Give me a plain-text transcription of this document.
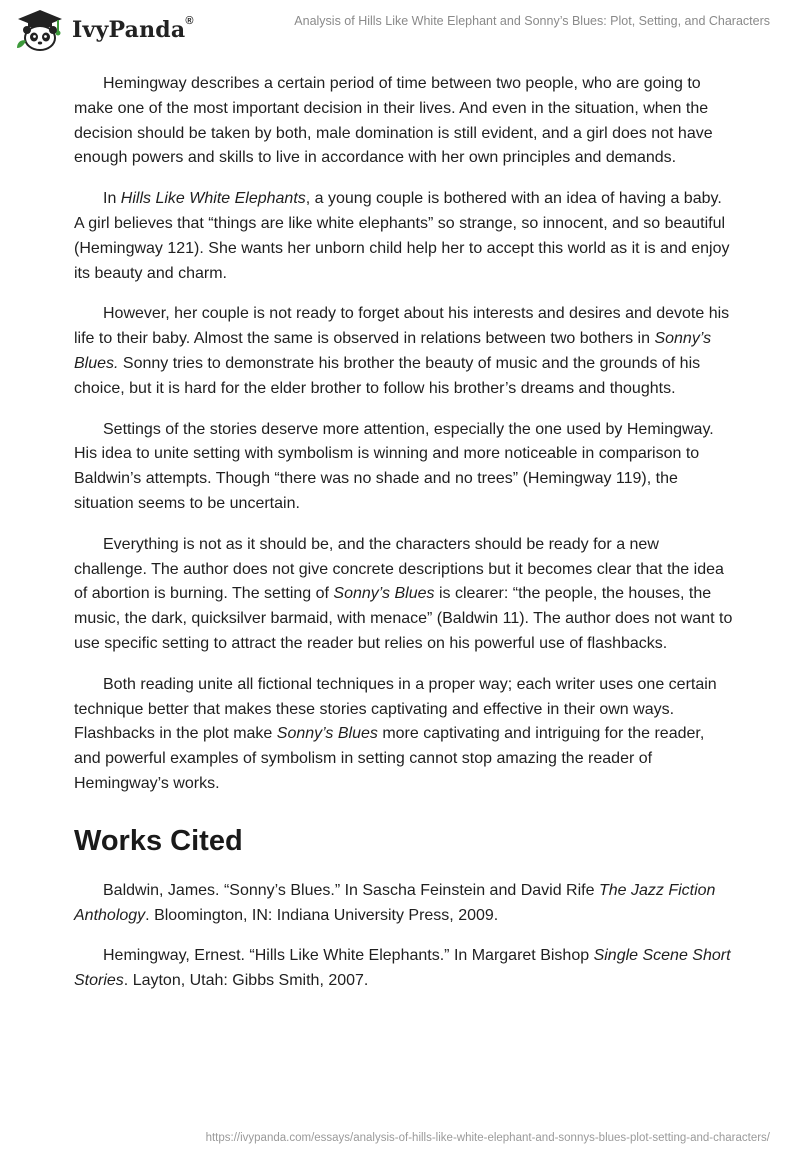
IvyPanda®	Analysis of Hills Like White Elephant and Sonny’s Blues: Plot, Setting, and Characters

Hemingway describes a certain period of time between two people, who are going to make one of the most important decision in their lives. And even in the situation, when the decision should be taken by both, male domination is still evident, and a girl does not have enough powers and skills to live in accordance with her own principles and demands.

In Hills Like White Elephants, a young couple is bothered with an idea of having a baby. A girl believes that “things are like white elephants” so strange, so innocent, and so beautiful (Hemingway 121). She wants her unborn child help her to accept this world as it is and enjoy its beauty and charm.

However, her couple is not ready to forget about his interests and desires and devote his life to their baby. Almost the same is observed in relations between two bothers in Sonny’s Blues. Sonny tries to demonstrate his brother the beauty of music and the grounds of his choice, but it is hard for the elder brother to follow his brother’s dreams and thoughts.

Settings of the stories deserve more attention, especially the one used by Hemingway. His idea to unite setting with symbolism is winning and more noticeable in comparison to Baldwin’s attempts. Though “there was no shade and no trees” (Hemingway 119), the situation seems to be uncertain.

Everything is not as it should be, and the characters should be ready for a new challenge. The author does not give concrete descriptions but it becomes clear that the idea of abortion is burning. The setting of Sonny’s Blues is clearer: “the people, the houses, the music, the dark, quicksilver barmaid, with menace” (Baldwin 11). The author does not want to use specific setting to attract the reader but relies on his powerful use of flashbacks.

Both reading unite all fictional techniques in a proper way; each writer uses one certain technique better that makes these stories captivating and effective in their own ways. Flashbacks in the plot make Sonny’s Blues more captivating and intriguing for the reader, and powerful examples of symbolism in setting cannot stop amazing the reader of Hemingway’s works.

Works Cited

Baldwin, James. “Sonny’s Blues.” In Sascha Feinstein and David Rife The Jazz Fiction Anthology. Bloomington, IN: Indiana University Press, 2009.

Hemingway, Ernest. “Hills Like White Elephants.” In Margaret Bishop Single Scene Short Stories. Layton, Utah: Gibbs Smith, 2007.

https://ivypanda.com/essays/analysis-of-hills-like-white-elephant-and-sonnys-blues-plot-setting-and-characters/
